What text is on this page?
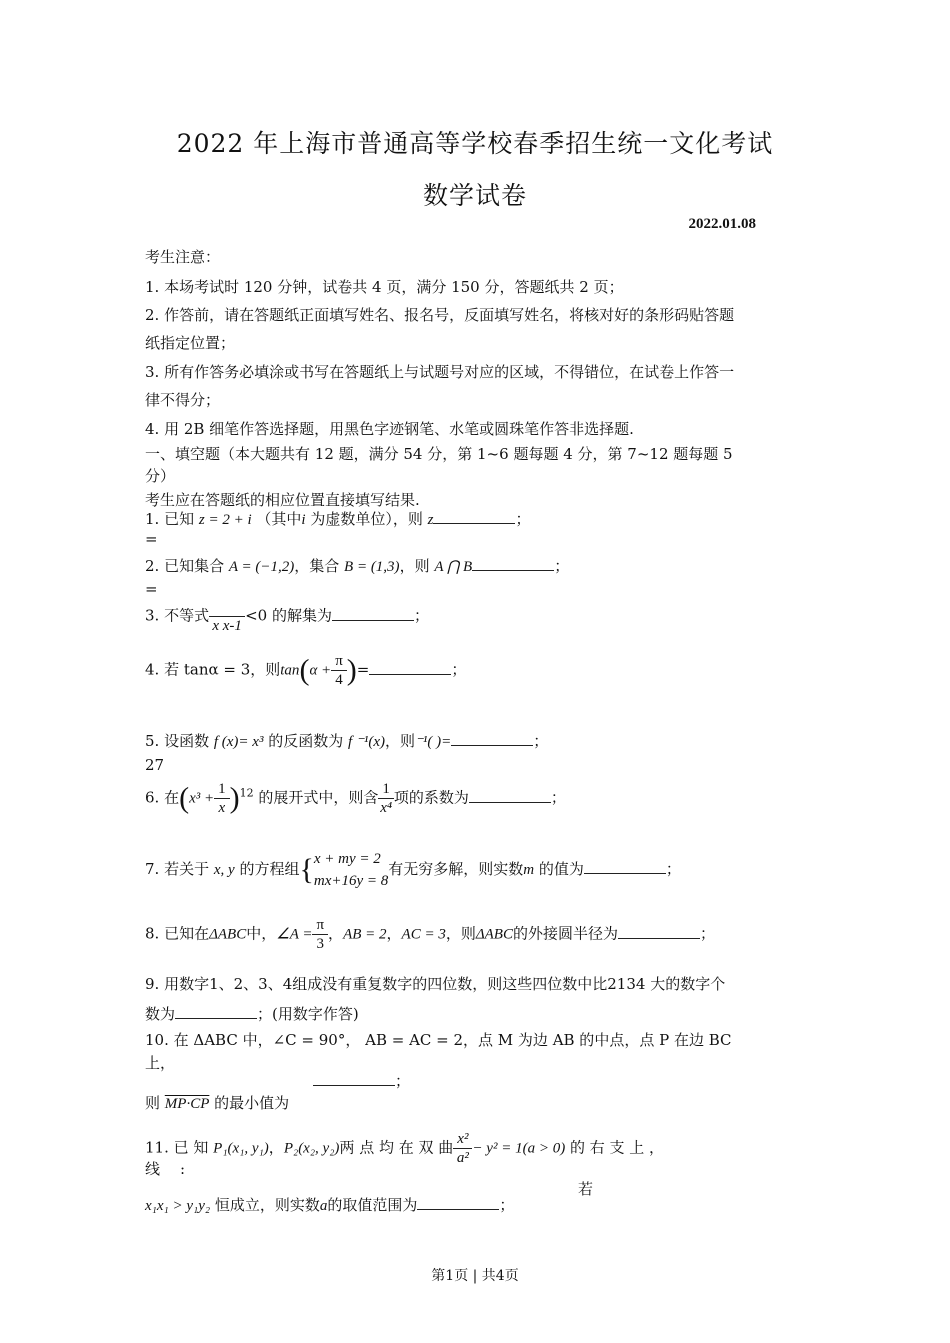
2022 年上海市普通高等学校春季招生统一文化考试
数学试卷
2022.01.08
考生注意：
1. 本场考试时 120 分钟，试卷共 4 页，满分 150 分，答题纸共 2 页；
2. 作答前，请在答题纸正面填写姓名、报名号，反面填写姓名，将核对好的条形码贴答题
纸指定位置；
3. 所有作答务必填涂或书写在答题纸上与试题号对应的区域，不得错位，在试卷上作答一
律不得分；
4. 用 2B 细笔作答选择题，用黑色字迹钢笔、水笔或圆珠笔作答非选择题.
一、填空题（本大题共有 12 题，满分 54 分，第 1~6 题每题 4 分，第 7~12 题每题 5
分）
考生应在答题纸的相应位置直接填写结果.
1. 已知 z = 2 + i （其中i 为虚数单位），则 z	；
=
2. 已知集合 A = (−1,2)，集合 B = (1,3)，则 A ⋂ B	；
=
3. 不等式

x x-1
<0 的解集为	；
4. 若 tanα = 3，则$\tan(\alpha + \frac{\pi}{4}$ )=	；
5. 设函数 f (x)= x³ 的反函数为 f ⁻¹(x)，则⁻¹( )=	；
27
6. 在$(x^3 + \frac{1}{x} )^{12}$ 的展开式中，则含 $\frac{1}{\text{x⁴}}$ 项的系数为	；
7. 若关于 x, y 的方程组{ x + my = 2
mx+16y = 8
有无穷多解，则实数m 的值为	；
8. 已知在ΔABC中，∠A = $\frac{\pi}{3}$ ，AB = 2，AC = 3，则ΔABC的外接圆半径为	；
9. 用数字1、2、3、4组成没有重复数字的四位数，则这些四位数中比2134 大的数字个
数为	；(用数字作答)
10. 在 ΔABC 中，∠C = 90°， AB = AC = 2，点 M 为边 AB 的中点，点 P 在边 BC
上，
；
则 MP·CP 的最小值为
11. 已 知 P₁(x₁, y₁)，P₂(x₂, y₂)两 点 均 在 双 曲 $\frac{\text{x²}}{\text{a²}} - y^2 = 1(a > 0)$ 的 右 支 上 ，
线 :
若
x₁x₁ > y₁y₂ 恒成立，则实数a的取值范围为	；
第1页 | 共4页
